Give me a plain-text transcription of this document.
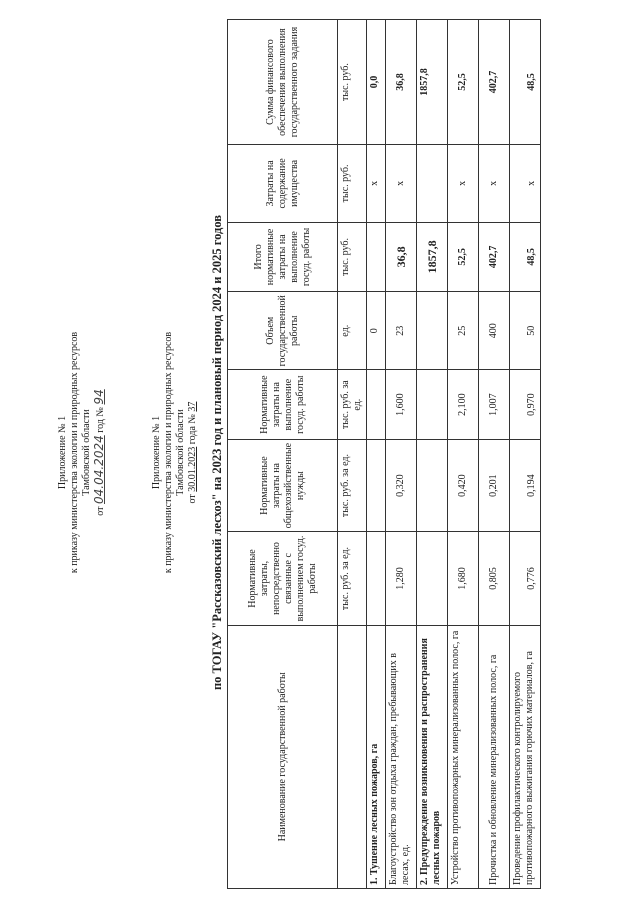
Приложение № 1 к приказу министерства экологии и природных ресурсов Тамбовской области
от 04.04.2024 год № 94
Приложение № 1 к приказу министерства экологии и природных ресурсов Тамбовской области
от 30.01.2023 года № 37 по ТОГАУ "Рассказовский лесхоз" на 2023 год и плановый период 2024 и 2025 годов
Наименование государственной работы	Нормативные затраты, непосредственно связанные с выполнением госуд. работы	Нормативные затраты на общехозяйственные нужды	Нормативные затраты на выполнение госуд. работы	Объем государственной работы	Итого нормативные затраты на выполнение госуд. работы	Затраты на содержание имущества	Сумма финансового обеспечения выполнения государственного задания
	тыс. руб. за ед.	тыс. руб. за ед.	тыс. руб. за ед.	ед.	тыс. руб.	тыс. руб.	тыс. руб.
1. Тушение лесных пожаров, га				0		x	0,0
Благоустройство зон отдыха граждан, пребывающих в лесах, ед.	1,280	0,320	1,600	23	36,8	x	36,8
2. Предупреждение возникновения и распространения лесных пожаров					1857,8		1857,8
Устройство противопожарных минерализованных полос, га	1,680	0,420	2,100	25	52,5	x	52,5
Прочистка и обновление минерализованных полос, га	0,805	0,201	1,007	400	402,7	x	402,7
Проведение профилактического контролируемого противопожарного выжигания горючих материалов, га	0,776	0,194	0,970	50	48,5	x	48,5
